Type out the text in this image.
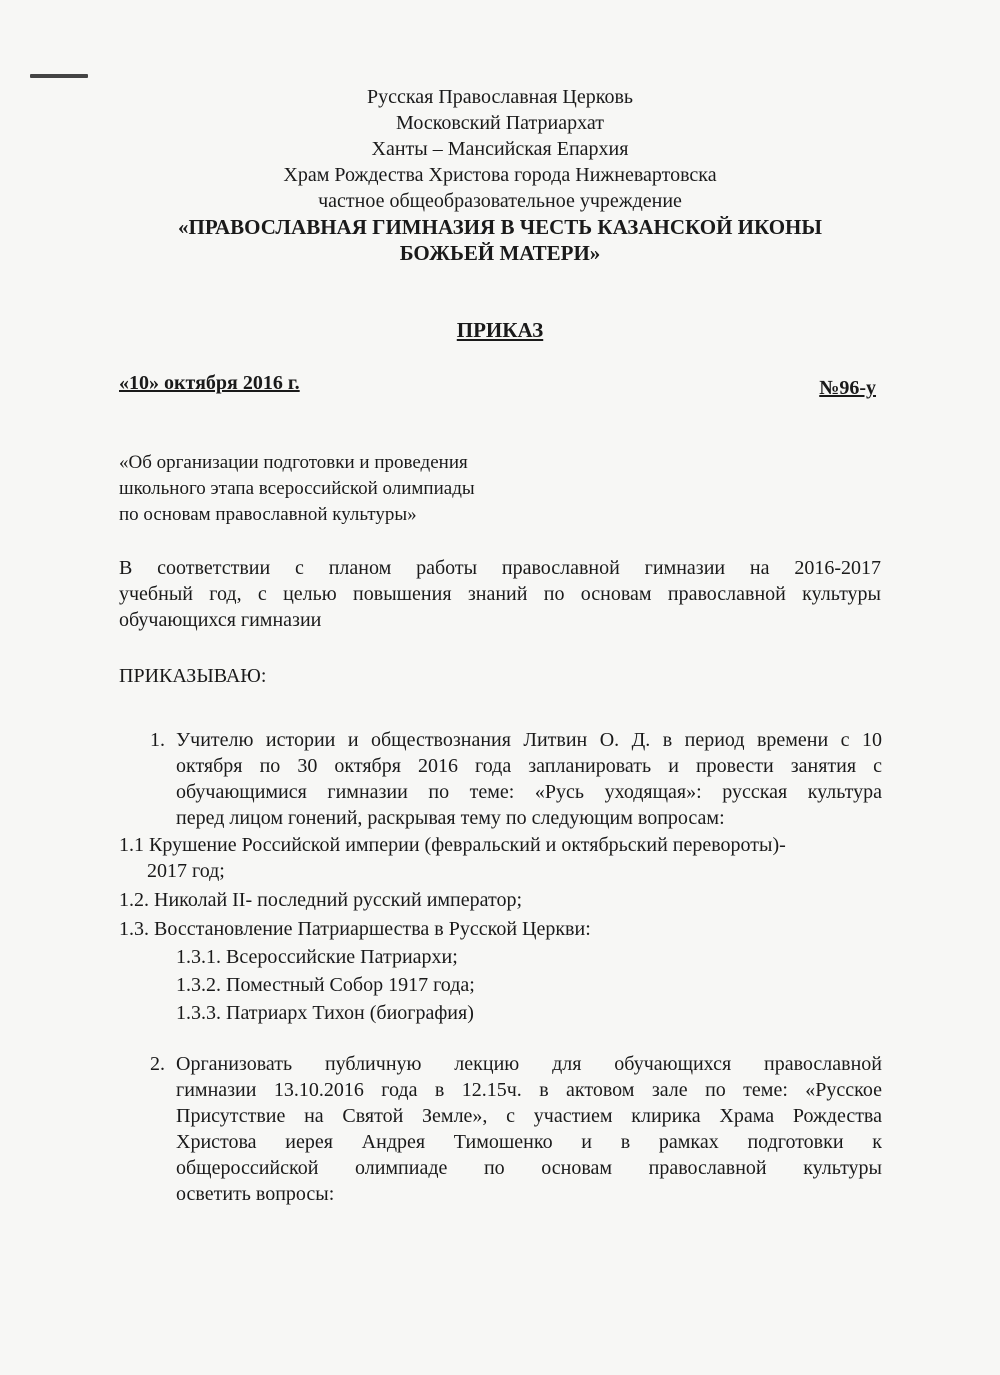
Русская Православная Церковь
Московский Патриархат
Ханты – Мансийская Епархия
Храм Рождества Христова города Нижневартовска
частное общеобразовательное учреждение
«ПРАВОСЛАВНАЯ ГИМНАЗИЯ В ЧЕСТЬ КАЗАНСКОЙ ИКОНЫ
БОЖЬЕЙ МАТЕРИ»
ПРИКАЗ
«10» октября 2016 г.	№96-у
«Об организации подготовки и проведения
школьного этапа всероссийской олимпиады
по основам православной культуры»
В соответствии с планом работы православной гимназии на 2016-2017
учебный год, с целью повышения знаний по основам православной культуры
обучающихся гимназии
ПРИКАЗЫВАЮ:
1. Учителю истории и обществознания Литвин О. Д. в период времени с 10
октября по 30 октября 2016 года запланировать и провести занятия с
обучающимися гимназии по теме: «Русь уходящая»: русская культура
перед лицом гонений, раскрывая тему по следующим вопросам:
1.1 Крушение Российской империи (февральский и октябрьский перевороты)-
2017 год;
1.2. Николай II- последний русский император;
1.3. Восстановление Патриаршества в Русской Церкви:
1.3.1. Всероссийские Патриархи;
1.3.2. Поместный Собор 1917 года;
1.3.3. Патриарх Тихон (биография)
2. Организовать публичную лекцию для обучающихся православной
гимназии 13.10.2016 года в 12.15ч. в актовом зале по теме: «Русское
Присутствие на Святой Земле», с участием клирика Храма Рождества
Христова иерея Андрея Тимошенко и в рамках подготовки к
общероссийской олимпиаде по основам православной культуры
осветить вопросы:
